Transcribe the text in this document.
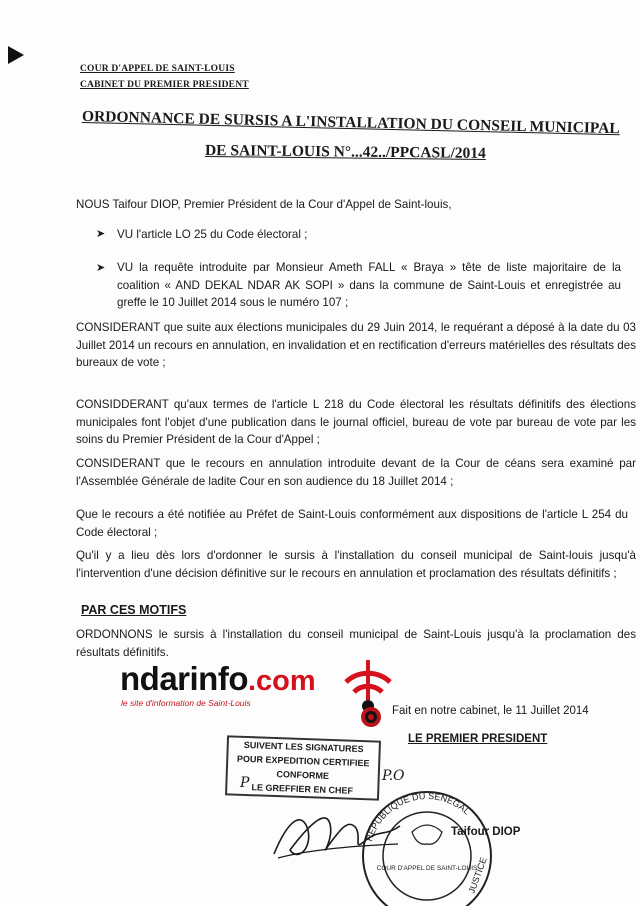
COUR D'APPEL DE SAINT-LOUIS
CABINET DU PREMIER PRESIDENT
ORDONNANCE DE SURSIS A L'INSTALLATION DU CONSEIL MUNICIPAL
DE SAINT-LOUIS N°...42../PPCASL/2014
NOUS Taifour DIOP, Premier Président de la Cour d'Appel de Saint-louis,
➤ VU l'article LO 25 du Code électoral ;
➤ VU la requête introduite par Monsieur Ameth FALL « Braya » tête de liste majoritaire de la coalition « AND DEKAL NDAR AK SOPI » dans la commune de Saint-Louis et enregistrée au greffe le 10 Juillet 2014 sous le numéro 107 ;
CONSIDERANT que suite aux élections municipales du 29 Juin 2014, le requérant a déposé à la date du 03 Juillet 2014 un recours en annulation, en invalidation et en rectification d'erreurs matérielles des résultats des bureaux de vote ;
CONSIDDERANT qu'aux termes de l'article L 218 du Code électoral les résultats définitifs des élections municipales font l'objet d'une publication dans le journal officiel, bureau de vote par bureau de vote par les soins du Premier Président de la Cour d'Appel ;
CONSIDERANT que le recours en annulation introduite devant de la Cour de céans sera examiné par l'Assemblée Générale de ladite Cour en son audience du 18 Juillet 2014 ;
Que le recours a été notifiée au Préfet de Saint-Louis conformément aux dispositions de l'article L 254 du Code électoral ;
Qu'il y a lieu dès lors d'ordonner le sursis à l'installation du conseil municipal de Saint-louis jusqu'à l'intervention d'une décision définitive sur le recours en annulation et proclamation des résultats définitifs ;
PAR CES MOTIFS
ORDONNONS le sursis à l'installation du conseil municipal de Saint-Louis jusqu'à la proclamation des résultats définitifs.
ndarinfo.com
le site d'information de Saint-Louis
Fait en notre cabinet, le 11 Juillet 2014
LE PREMIER PRESIDENT
SUIVENT LES SIGNATURES
POUR EXPEDITION CERTIFIEE CONFORME
LE GREFFIER EN CHEF
P	P.O
REPUBLIQUE DU SENEGAL
COUR D'APPEL DE SAINT-LOUIS
JUSTICE
Taifour DIOP
